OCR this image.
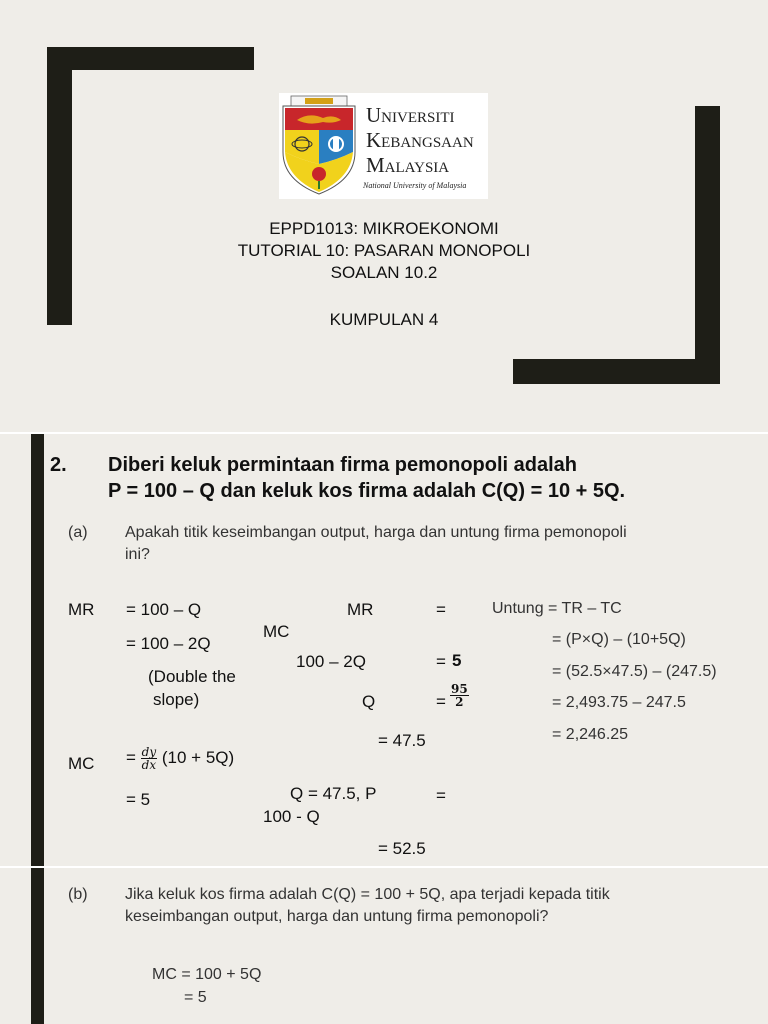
Universiti
Kebangsaan
Malaysia
National University of Malaysia
EPPD1013: MIKROEKONOMI
TUTORIAL 10: PASARAN MONOPOLI
SOALAN 10.2
KUMPULAN 4
2. Diberi keluk permintaan firma pemonopoli adalah
P = 100 – Q dan keluk kos firma adalah C(Q) = 10 + 5Q.
(a) Apakah titik keseimbangan output, harga dan untung firma pemonopoli
ini?
MR = 100 – Q
= 100 – 2Q
(Double the
slope)
MC = $\frac{dy}{dx} (10 + 5Q)$
= 5
MR	=
MC
100 – 2Q	= 5
Q	= $\frac{95}{2}$
= 47.5
Q = 47.5, P	=
100 - Q
= 52.5
Untung = TR – TC
= (P×Q) – (10+5Q)
= (52.5×47.5) – (247.5)
= 2,493.75 – 247.5
= 2,246.25
(b) Jika keluk kos firma adalah C(Q) = 100 + 5Q, apa terjadi kepada titik
keseimbangan output, harga dan untung firma pemonopoli?
MC = 100 + 5Q
= 5
